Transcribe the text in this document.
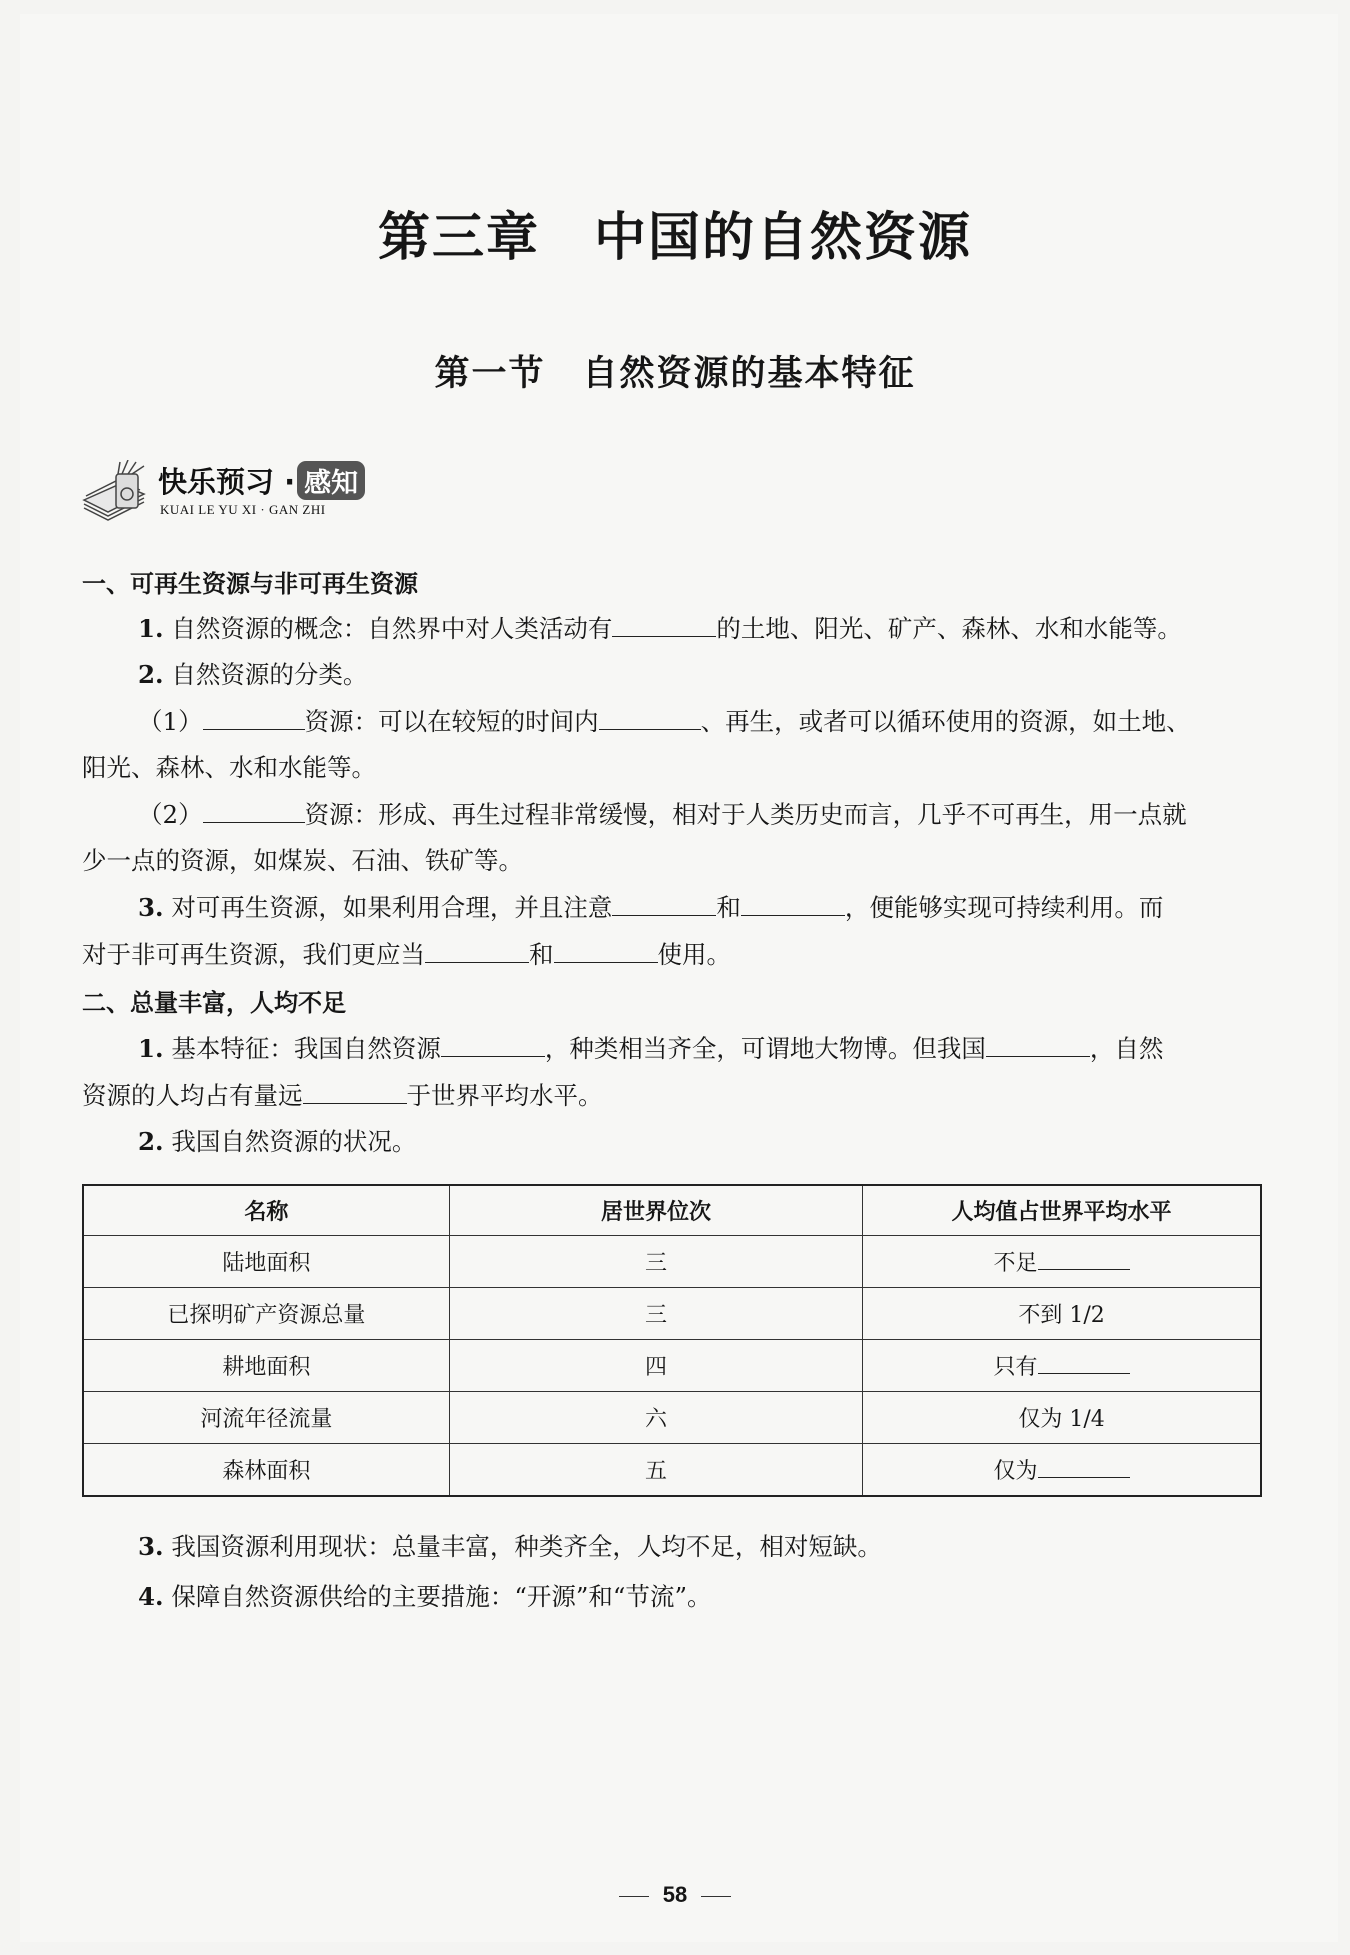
第三章　中国的自然资源
第一节　自然资源的基本特征
快乐预习 · 感知
KUAI LE YU XI · GAN ZHI
一、可再生资源与非可再生资源
1. 自然资源的概念：自然界中对人类活动有	的土地、阳光、矿产、森林、水和水能等。
2. 自然资源的分类。
（1）	资源：可以在较短的时间内	、再生，或者可以循环使用的资源，如土地、
阳光、森林、水和水能等。
（2）	资源：形成、再生过程非常缓慢，相对于人类历史而言，几乎不可再生，用一点就
少一点的资源，如煤炭、石油、铁矿等。
3. 对可再生资源，如果利用合理，并且注意	和	，便能够实现可持续利用。而
对于非可再生资源，我们更应当	和	使用。
二、总量丰富，人均不足
1. 基本特征：我国自然资源	，种类相当齐全，可谓地大物博。但我国	，自然
资源的人均占有量远	于世界平均水平。
2. 我国自然资源的状况。
3. 我国资源利用现状：总量丰富，种类齐全，人均不足，相对短缺。
4. 保障自然资源供给的主要措施：“开源”和“节流”。
名称	居世界位次	人均值占世界平均水平
陆地面积	三	不足
已探明矿产资源总量	三	不到 1/2
耕地面积	四	只有
河流年径流量	六	仅为 1/4
森林面积	五	仅为
58
